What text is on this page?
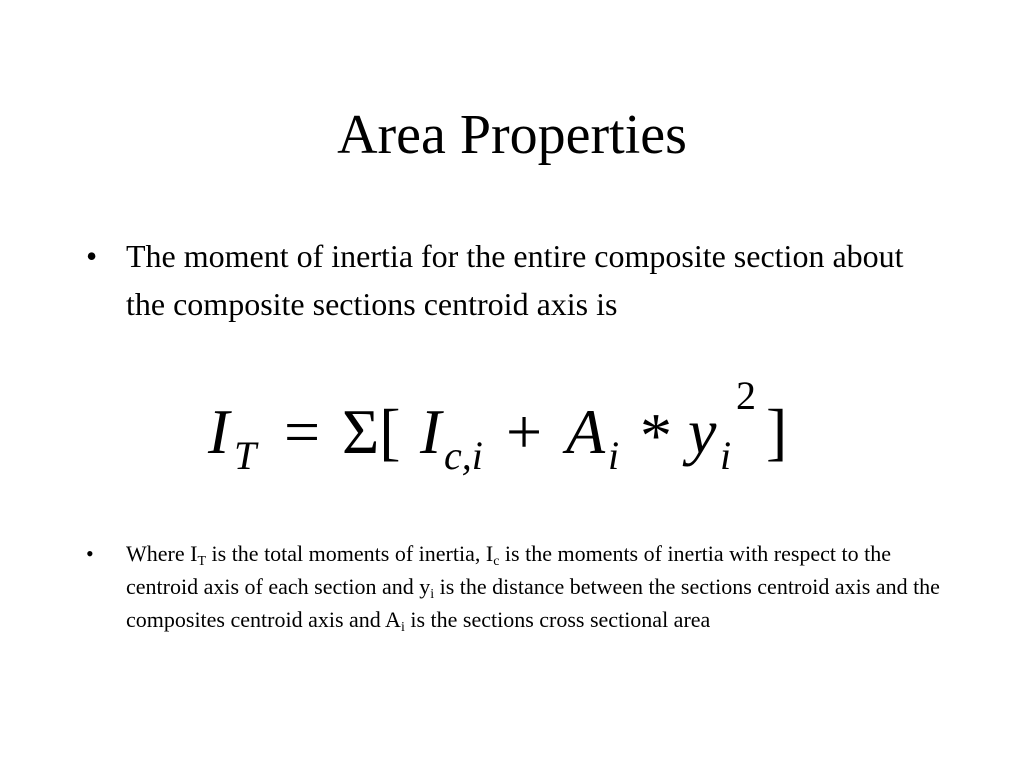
Area Properties
• The moment of inertia for the entire composite section about the composite sections centroid axis is
I T = Σ[ I c,i + A i * y i
2
]
• Where $I_T$ is the total moments of inertia, $I_c$ is the moments of inertia with respect to the centroid axis of each section and $y_i$ is the distance between the sections centroid axis and the composites centroid axis and $A_i$ is the sections cross sectional area
